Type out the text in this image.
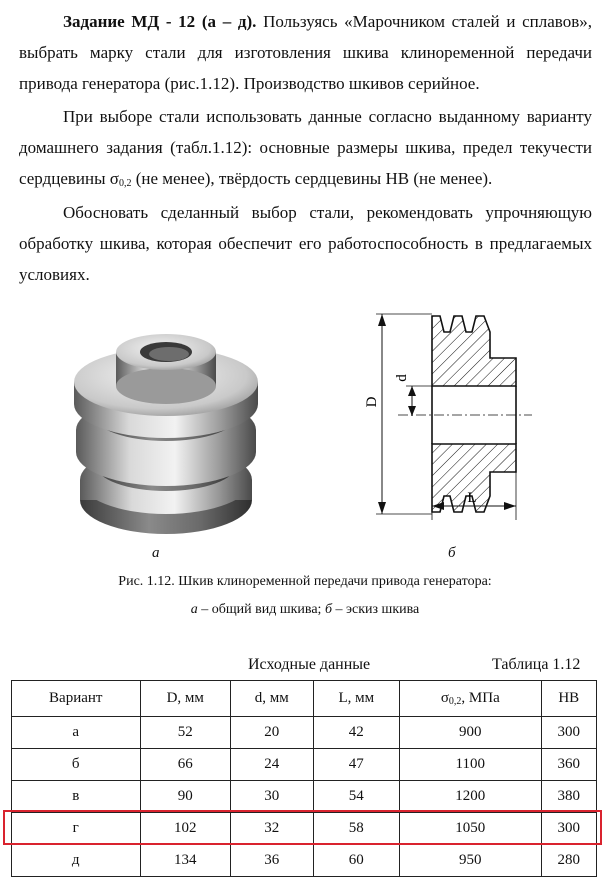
Задание МД - 12 (а – д). Пользуясь «Марочником сталей и сплавов», выбрать марку стали для изготовления шкива клиноременной передачи привода генератора (рис.1.12). Производство шкивов серийное.

При выборе стали использовать данные согласно выданному варианту домашнего задания (табл.1.12): основные размеры шкива, предел текучести сердцевины $\sigma_{0,2}$ (не менее), твёрдость сердцевины НВ (не менее).

Обосновать сделанный выбор стали, рекомендовать упрочняющую обработку шкива, которая обеспечит его работоспособность в предлагаемых условиях.

D
d
L
а	б
Рис. 1.12. Шкив клиноременной передачи привода генератора:
а – общий вид шкива; б – эскиз шкива
Исходные данные	Таблица 1.12
Вариант	D, мм	d, мм	L, мм	$\sigma_{0,2}$, МПа	НВ
а	52	20	42	900	300
б	66	24	47	1100	360
в	90	30	54	1200	380
г	102	32	58	1050	300
д	134	36	60	950	280
